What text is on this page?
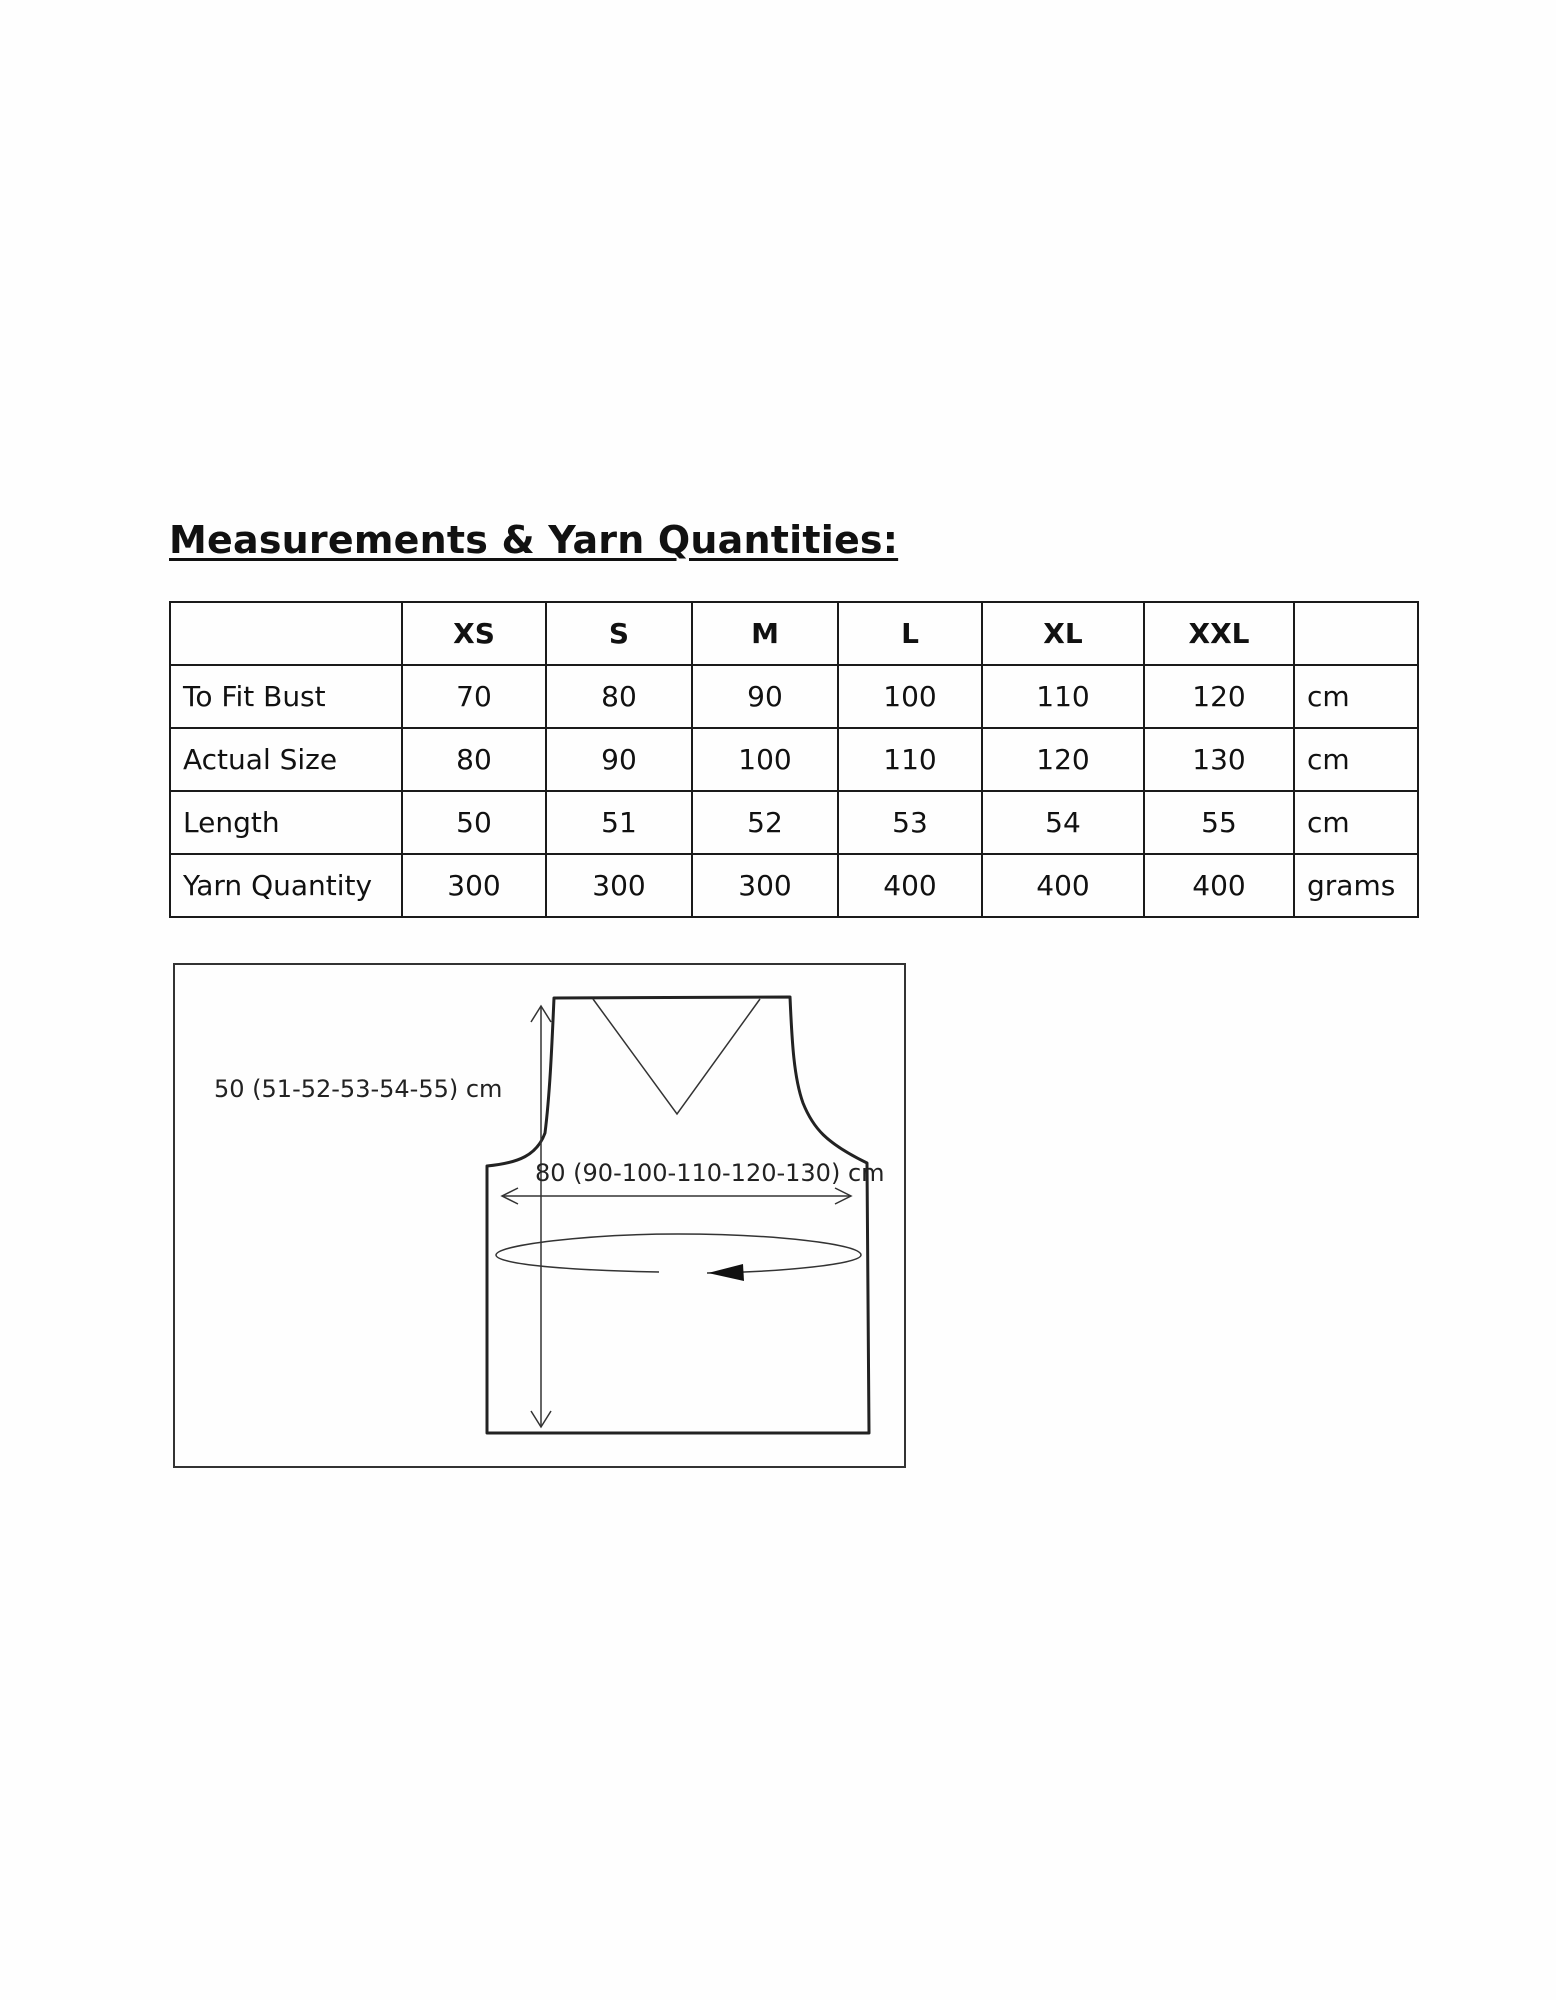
Measurements & Yarn Quantities:
	XS	S	M	L	XL	XXL	
To Fit Bust	70	80	90	100	110	120	cm
Actual Size	80	90	100	110	120	130	cm
Length	50	51	52	53	54	55	cm
Yarn Quantity	300	300	300	400	400	400	grams
50 (51-52-53-54-55) cm
80 (90-100-110-120-130) cm
